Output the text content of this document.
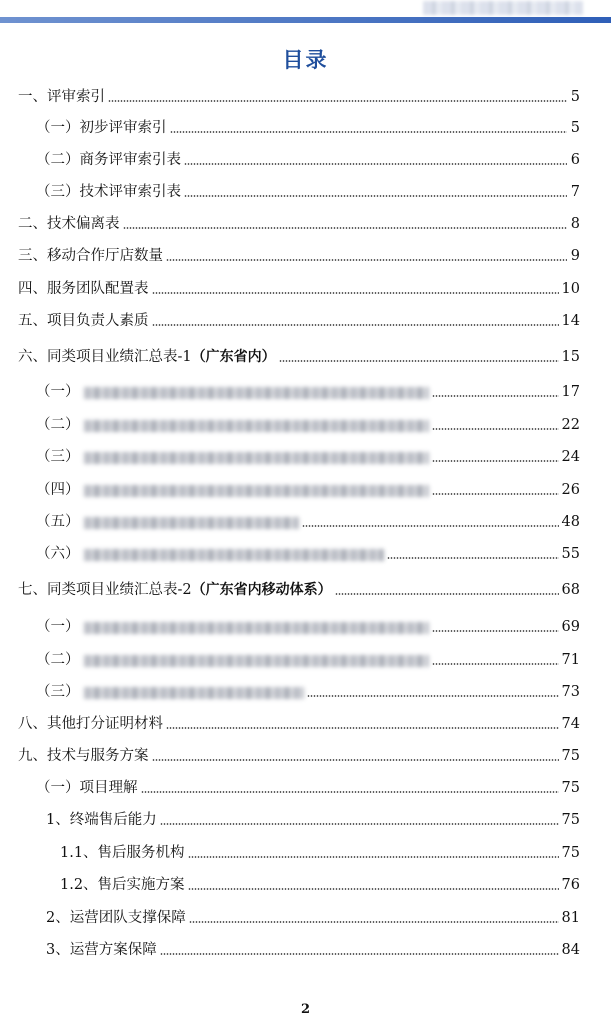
目录
一、评审索引	5
（一）初步评审索引	5
（二）商务评审索引表	6
（三）技术评审索引表	7
二、技术偏离表	8
三、移动合作厅店数量	9
四、服务团队配置表	10
五、项目负责人素质	14
六、同类项目业绩汇总表-1（广东省内）	15
（一）	17
（二）	22
（三）	24
（四）	26
（五）	48
（六）	55
七、同类项目业绩汇总表-2（广东省内移动体系）	68
（一）	69
（二）	71
（三）	73
八、其他打分证明材料	74
九、技术与服务方案	75
（一）项目理解	75
1、终端售后能力	75
1.1、售后服务机构	75
1.2、售后实施方案	76
2、运营团队支撑保障	81
3、运营方案保障	84
2
